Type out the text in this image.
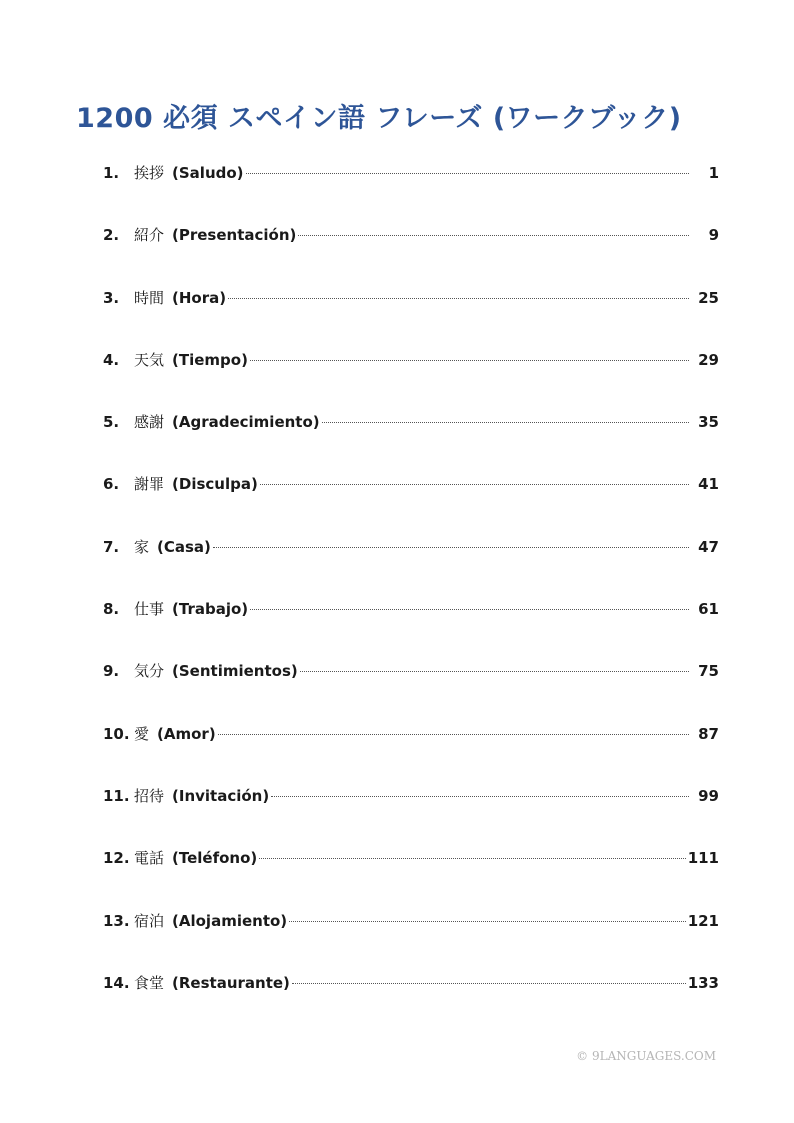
1200 必須 スペイン語 フレーズ (ワークブック)
1. 挨拶 (Saludo)	1
2. 紹介 (Presentación)	9
3. 時間 (Hora)	25
4. 天気 (Tiempo)	29
5. 感謝 (Agradecimiento)	35
6. 謝罪 (Disculpa)	41
7. 家 (Casa)	47
8. 仕事 (Trabajo)	61
9. 気分 (Sentimientos)	75
10. 愛 (Amor)	87
11. 招待 (Invitación)	99
12. 電話 (Teléfono)	111
13. 宿泊 (Alojamiento)	121
14. 食堂 (Restaurante)	133
© 9LANGUAGES.COM
